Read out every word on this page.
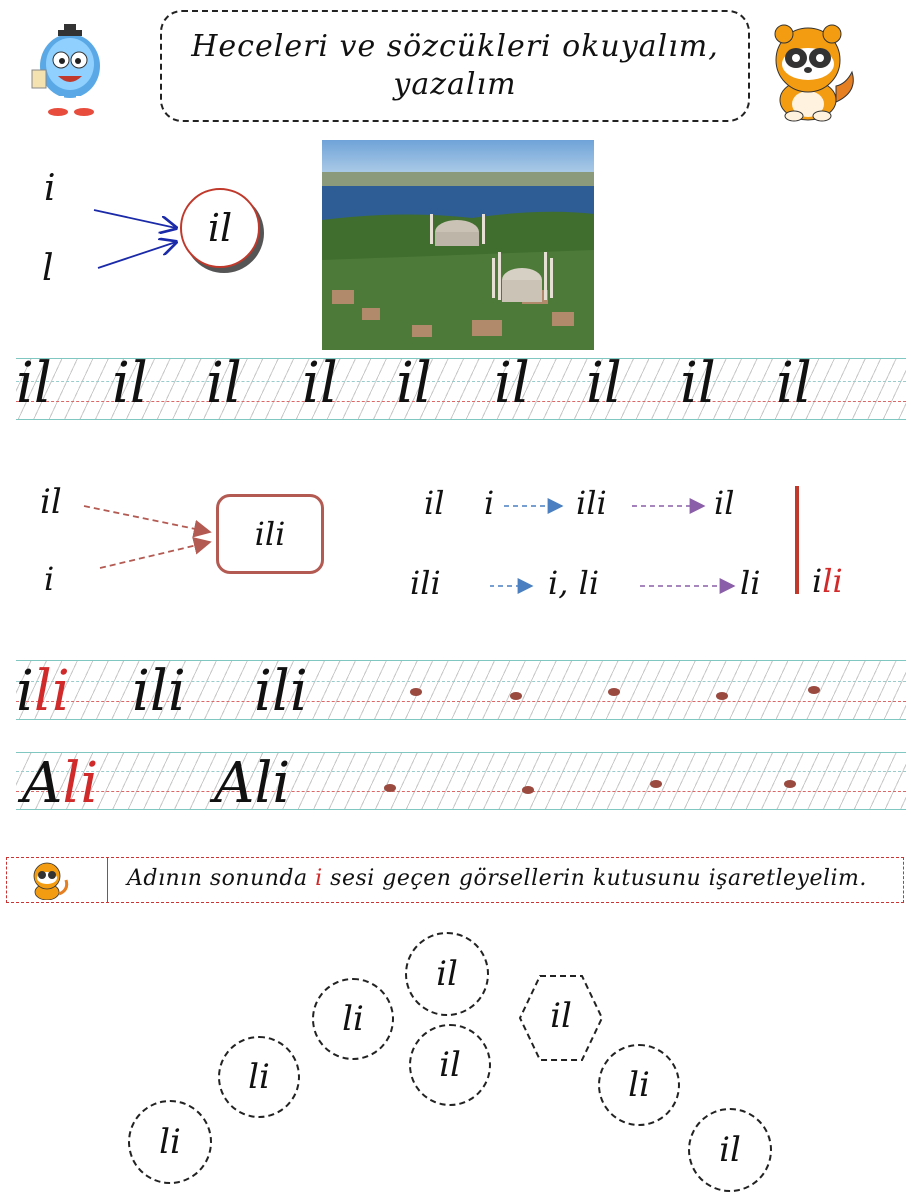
Heceleri ve sözcükleri okuyalım,
yazalım
i
l
il
il il il il il il il il il
il
i
ili
il i	ili	il
ili	i, li	li ili
ili ili ili
Ali Ali
Adının sonunda i sesi geçen görsellerin kutusunu işaretleyelim.
il
li
il
il
li	li
il
li
